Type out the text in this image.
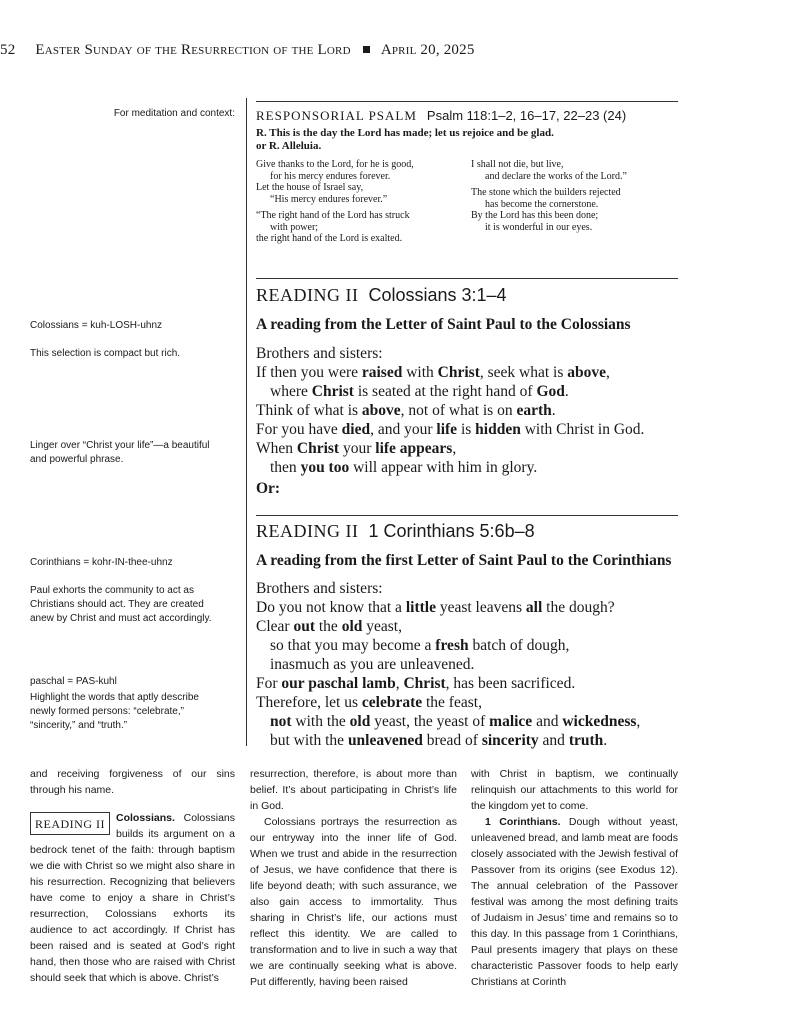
52 Easter Sunday of the Resurrection of the Lord April 20, 2025
For meditation and context:
Colossians = kuh-LOSH-uhnz
This selection is compact but rich.
Linger over “Christ your life”—a beautiful and powerful phrase.
Corinthians = kohr-IN-thee-uhnz
Paul exhorts the community to act as Christians should act. They are created anew by Christ and must act accordingly.
paschal = PAS-kuhl
Highlight the words that aptly describe newly formed persons: “celebrate,” “sincerity,” and “truth.”
RESPONSORIAL PSALM Psalm 118:1–2, 16–17, 22–23 (24)
R. This is the day the Lord has made; let us rejoice and be glad.
or R. Alleluia.
Give thanks to the Lord, for he is good,
for his mercy endures forever.
Let the house of Israel say,
“His mercy endures forever.”
“The right hand of the Lord has struck
with power;
the right hand of the Lord is exalted.
I shall not die, but live,
and declare the works of the Lord.”
The stone which the builders rejected
has become the cornerstone.
By the Lord has this been done;
it is wonderful in our eyes.
READING II Colossians 3:1–4
A reading from the Letter of Saint Paul to the Colossians
Brothers and sisters:
If then you were raised with Christ, seek what is above,
where Christ is seated at the right hand of God.
Think of what is above, not of what is on earth.
For you have died, and your life is hidden with Christ in God.
When Christ your life appears,
then you too will appear with him in glory.
Or:
READING II 1 Corinthians 5:6b–8
A reading from the first Letter of Saint Paul to the Corinthians
Brothers and sisters:
Do you not know that a little yeast leavens all the dough?
Clear out the old yeast,
so that you may become a fresh batch of dough,
inasmuch as you are unleavened.
For our paschal lamb, Christ, has been sacrificed.
Therefore, let us celebrate the feast,
not with the old yeast, the yeast of malice and wickedness,
but with the unleavened bread of sincerity and truth.

and receiving forgiveness of our sins through his name.

READING II	Colossians. Colossians builds its argument on a bedrock tenet of the faith: through baptism we die with Christ so we might also share in his resurrection. Recognizing that believers have come to enjoy a share in Christ’s resurrection, Colossians exhorts its audience to act accordingly. If Christ has been raised and is seated at God’s right hand, then those who are raised with Christ should seek that which is above. Christ’s

resurrection, therefore, is about more than belief. It’s about participating in Christ’s life in God.

Colossians portrays the resurrection as our entryway into the inner life of God. When we trust and abide in the resurrection of Jesus, we have confidence that there is life beyond death; with such assurance, we also gain access to immortality. Thus sharing in Christ’s life, our actions must reflect this identity. We are called to transformation and to live in such a way that we are continually seeking what is above. Put differently, having been raised

with Christ in baptism, we continually relinquish our attachments to this world for the kingdom yet to come.

1 Corinthians. Dough without yeast, unleavened bread, and lamb meat are foods closely associated with the Jewish festival of Passover from its origins (see Exodus 12). The annual celebration of the Passover festival was among the most defining traits of Judaism in Jesus’ time and remains so to this day. In this passage from 1 Corinthians, Paul presents imagery that plays on these characteristic Passover foods to help early Christians at Corinth
